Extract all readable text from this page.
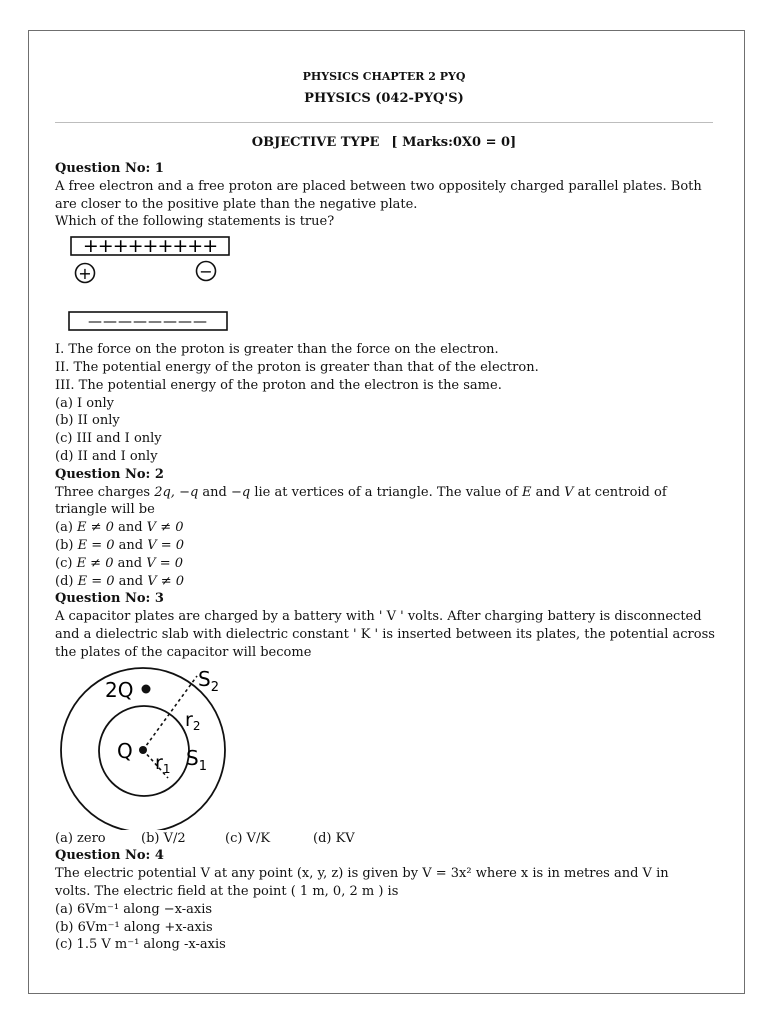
PHYSICS CHAPTER 2 PYQ
PHYSICS (042-PYQ'S)
OBJECTIVE TYPE [ Marks:0X0 = 0]
Question No: 1
A free electron and a free proton are placed between two oppositely charged parallel plates. Both
are closer to the positive plate than the negative plate.
Which of the following statements is true?
+++++++++
+	−
————————
I. The force on the proton is greater than the force on the electron.
II. The potential energy of the proton is greater than that of the electron.
III. The potential energy of the proton and the electron is the same.
(a) I only
(b) II only
(c) III and I only
(d) II and I only
Question No: 2
Three charges 2q, −q and −q lie at vertices of a triangle. The value of E and V at centroid of
triangle will be
(a) E ≠ 0 and V ≠ 0
(b) E = 0 and V = 0
(c) E ≠ 0 and V = 0
(d) E = 0 and V ≠ 0
Question No: 3
A capacitor plates are charged by a battery with ' V ' volts. After charging battery is disconnected
and a dielectric slab with dielectric constant ' K ' is inserted between its plates, the potential across
the plates of the capacitor will become
2Q
Q $r_1$
$r_2$
$S_1$
$S_2$
(a) zero	(b) V/2	(c) V/K	(d) KV
Question No: 4
The electric potential V at any point (x, y, z) is given by V = 3x² where x is in metres and V in
volts. The electric field at the point ( 1 m, 0, 2 m ) is
(a) 6Vm⁻¹ along −x-axis
(b) 6Vm⁻¹ along +x-axis
(c) 1.5 V m⁻¹ along -x-axis
